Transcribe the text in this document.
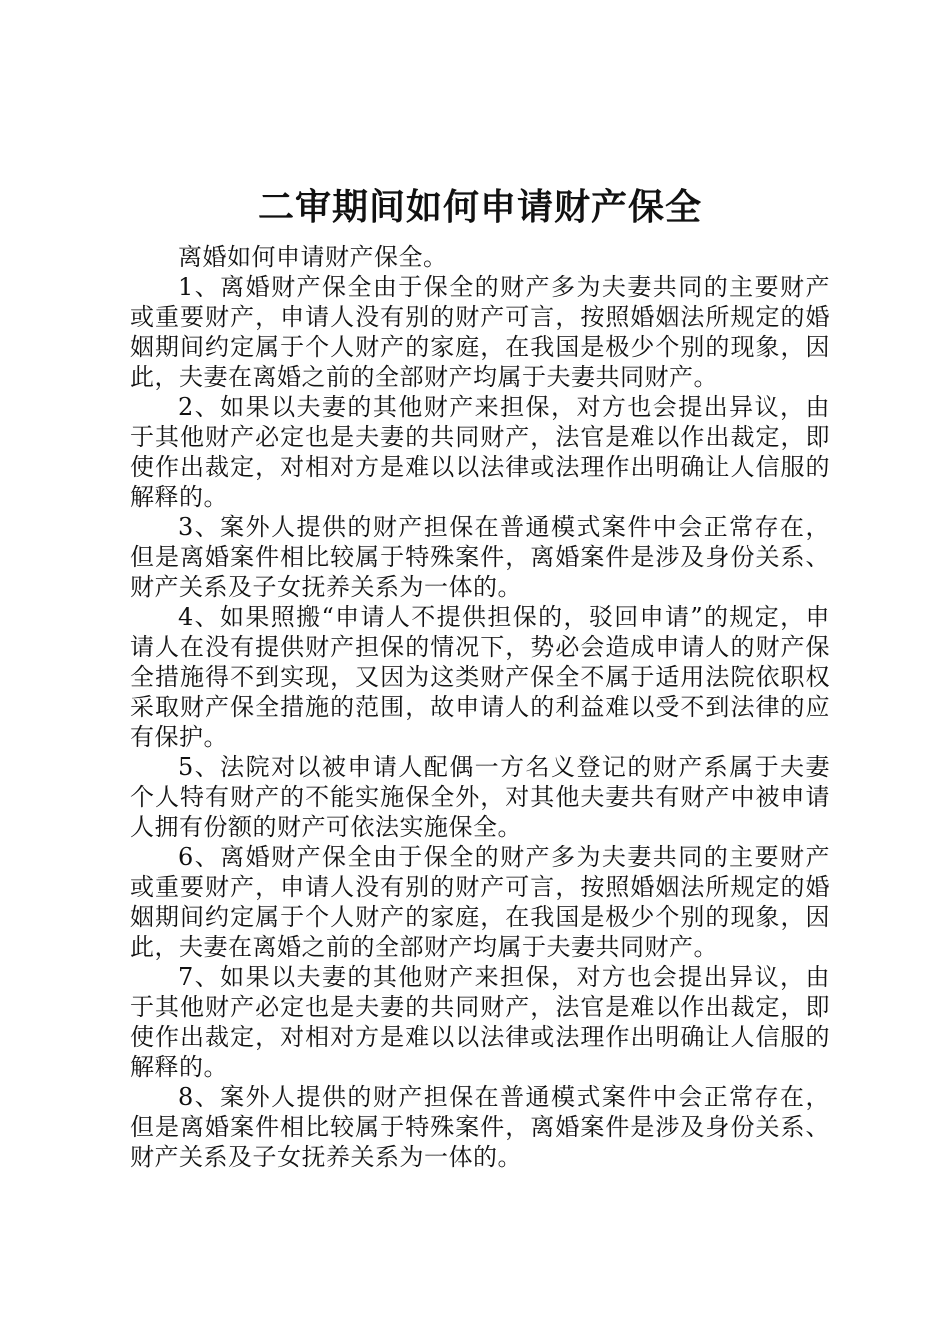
二审期间如何申请财产保全

离婚如何申请财产保全。

1、离婚财产保全由于保全的财产多为夫妻共同的主要财产或重要财产，申请人没有别的财产可言，按照婚姻法所规定的婚姻期间约定属于个人财产的家庭，在我国是极少个别的现象，因此，夫妻在离婚之前的全部财产均属于夫妻共同财产。

2、如果以夫妻的其他财产来担保，对方也会提出异议，由于其他财产必定也是夫妻的共同财产，法官是难以作出裁定，即使作出裁定，对相对方是难以以法律或法理作出明确让人信服的解释的。

3、案外人提供的财产担保在普通模式案件中会正常存在，但是离婚案件相比较属于特殊案件，离婚案件是涉及身份关系、财产关系及子女抚养关系为一体的。

4、如果照搬“申请人不提供担保的，驳回申请”的规定，申请人在没有提供财产担保的情况下，势必会造成申请人的财产保全措施得不到实现，又因为这类财产保全不属于适用法院依职权采取财产保全措施的范围，故申请人的利益难以受不到法律的应有保护。

5、法院对以被申请人配偶一方名义登记的财产系属于夫妻个人特有财产的不能实施保全外，对其他夫妻共有财产中被申请人拥有份额的财产可依法实施保全。

6、离婚财产保全由于保全的财产多为夫妻共同的主要财产或重要财产，申请人没有别的财产可言，按照婚姻法所规定的婚姻期间约定属于个人财产的家庭，在我国是极少个别的现象，因此，夫妻在离婚之前的全部财产均属于夫妻共同财产。

7、如果以夫妻的其他财产来担保，对方也会提出异议，由于其他财产必定也是夫妻的共同财产，法官是难以作出裁定，即使作出裁定，对相对方是难以以法律或法理作出明确让人信服的解释的。

8、案外人提供的财产担保在普通模式案件中会正常存在，但是离婚案件相比较属于特殊案件，离婚案件是涉及身份关系、财产关系及子女抚养关系为一体的。
